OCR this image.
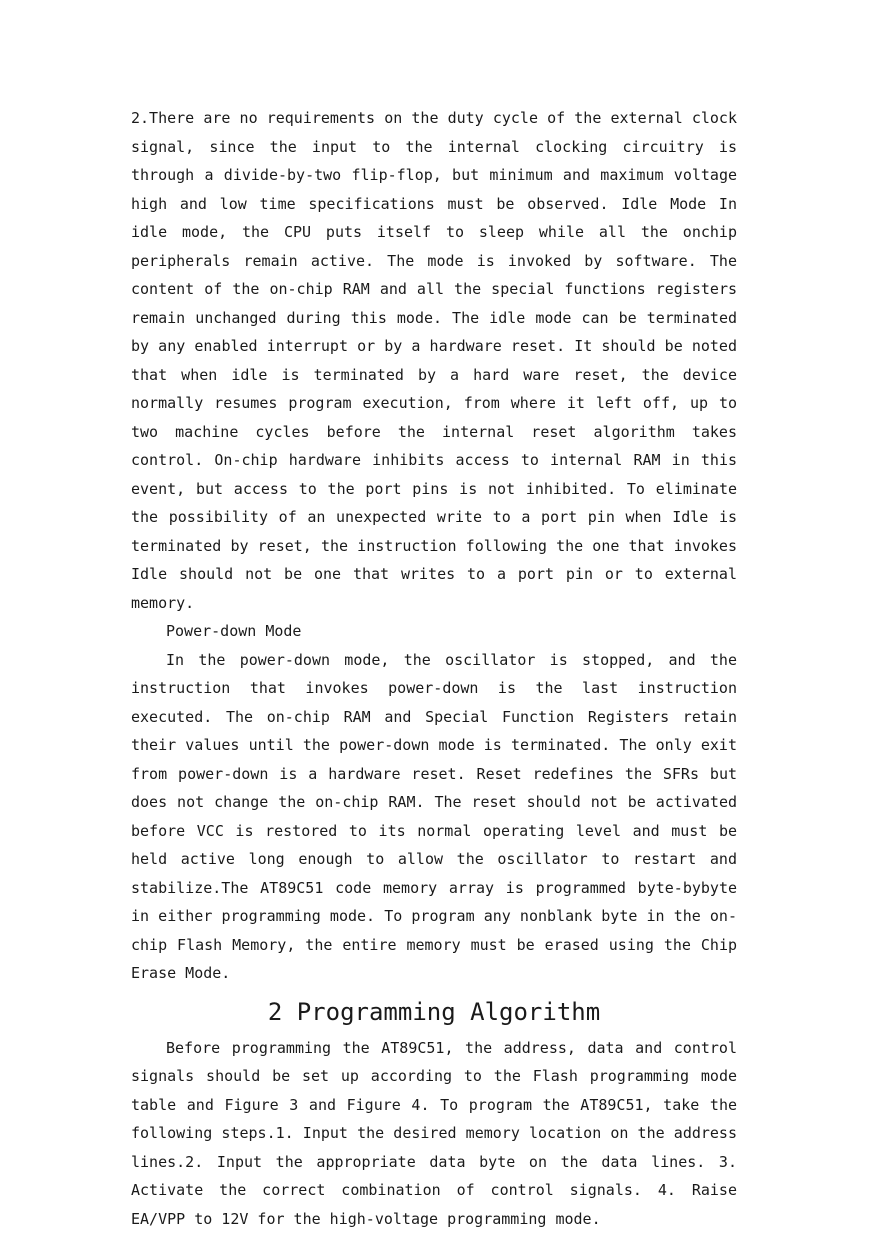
2.There are no requirements on the duty cycle of the external clock signal, since the input to the internal clocking circuitry is through a divide-by-two flip-flop, but minimum and maximum voltage high and low time specifications must be observed. Idle Mode In idle mode, the CPU puts itself to sleep while all the onchip peripherals remain active. The mode is invoked by software. The content of the on-chip RAM and all the special functions registers remain unchanged during this mode. The idle mode can be terminated by any enabled interrupt or by a hardware reset. It should be noted that when idle is terminated by a hard ware reset, the device normally resumes program execution, from where it left off, up to two machine cycles before the internal reset algorithm takes control. On-chip hardware inhibits access to internal RAM in this event, but access to the port pins is not inhibited. To eliminate the possibility of an unexpected write to a port pin when Idle is terminated by reset, the instruction following the one that invokes Idle should not be one that writes to a port pin or to external memory.

Power-down Mode

In the power-down mode, the oscillator is stopped, and the instruction that invokes power-down is the last instruction executed. The on-chip RAM and Special Function Registers retain their values until the power-down mode is terminated. The only exit from power-down is a hardware reset. Reset redefines the SFRs but does not change the on-chip RAM. The reset should not be activated before VCC is restored to its normal operating level and must be held active long enough to allow the oscillator to restart and stabilize.The AT89C51 code memory array is programmed byte-bybyte in either programming mode. To program any nonblank byte in the on-chip Flash Memory, the entire memory must be erased using the Chip Erase Mode.

2 Programming Algorithm

Before programming the AT89C51, the address, data and control signals should be set up according to the Flash programming mode table and Figure 3 and Figure 4. To program the AT89C51, take the following steps.1. Input the desired memory location on the address lines.2. Input the appropriate data byte on the data lines. 3. Activate the correct combination of control signals. 4. Raise EA/VPP to 12V for the high-voltage programming mode.
